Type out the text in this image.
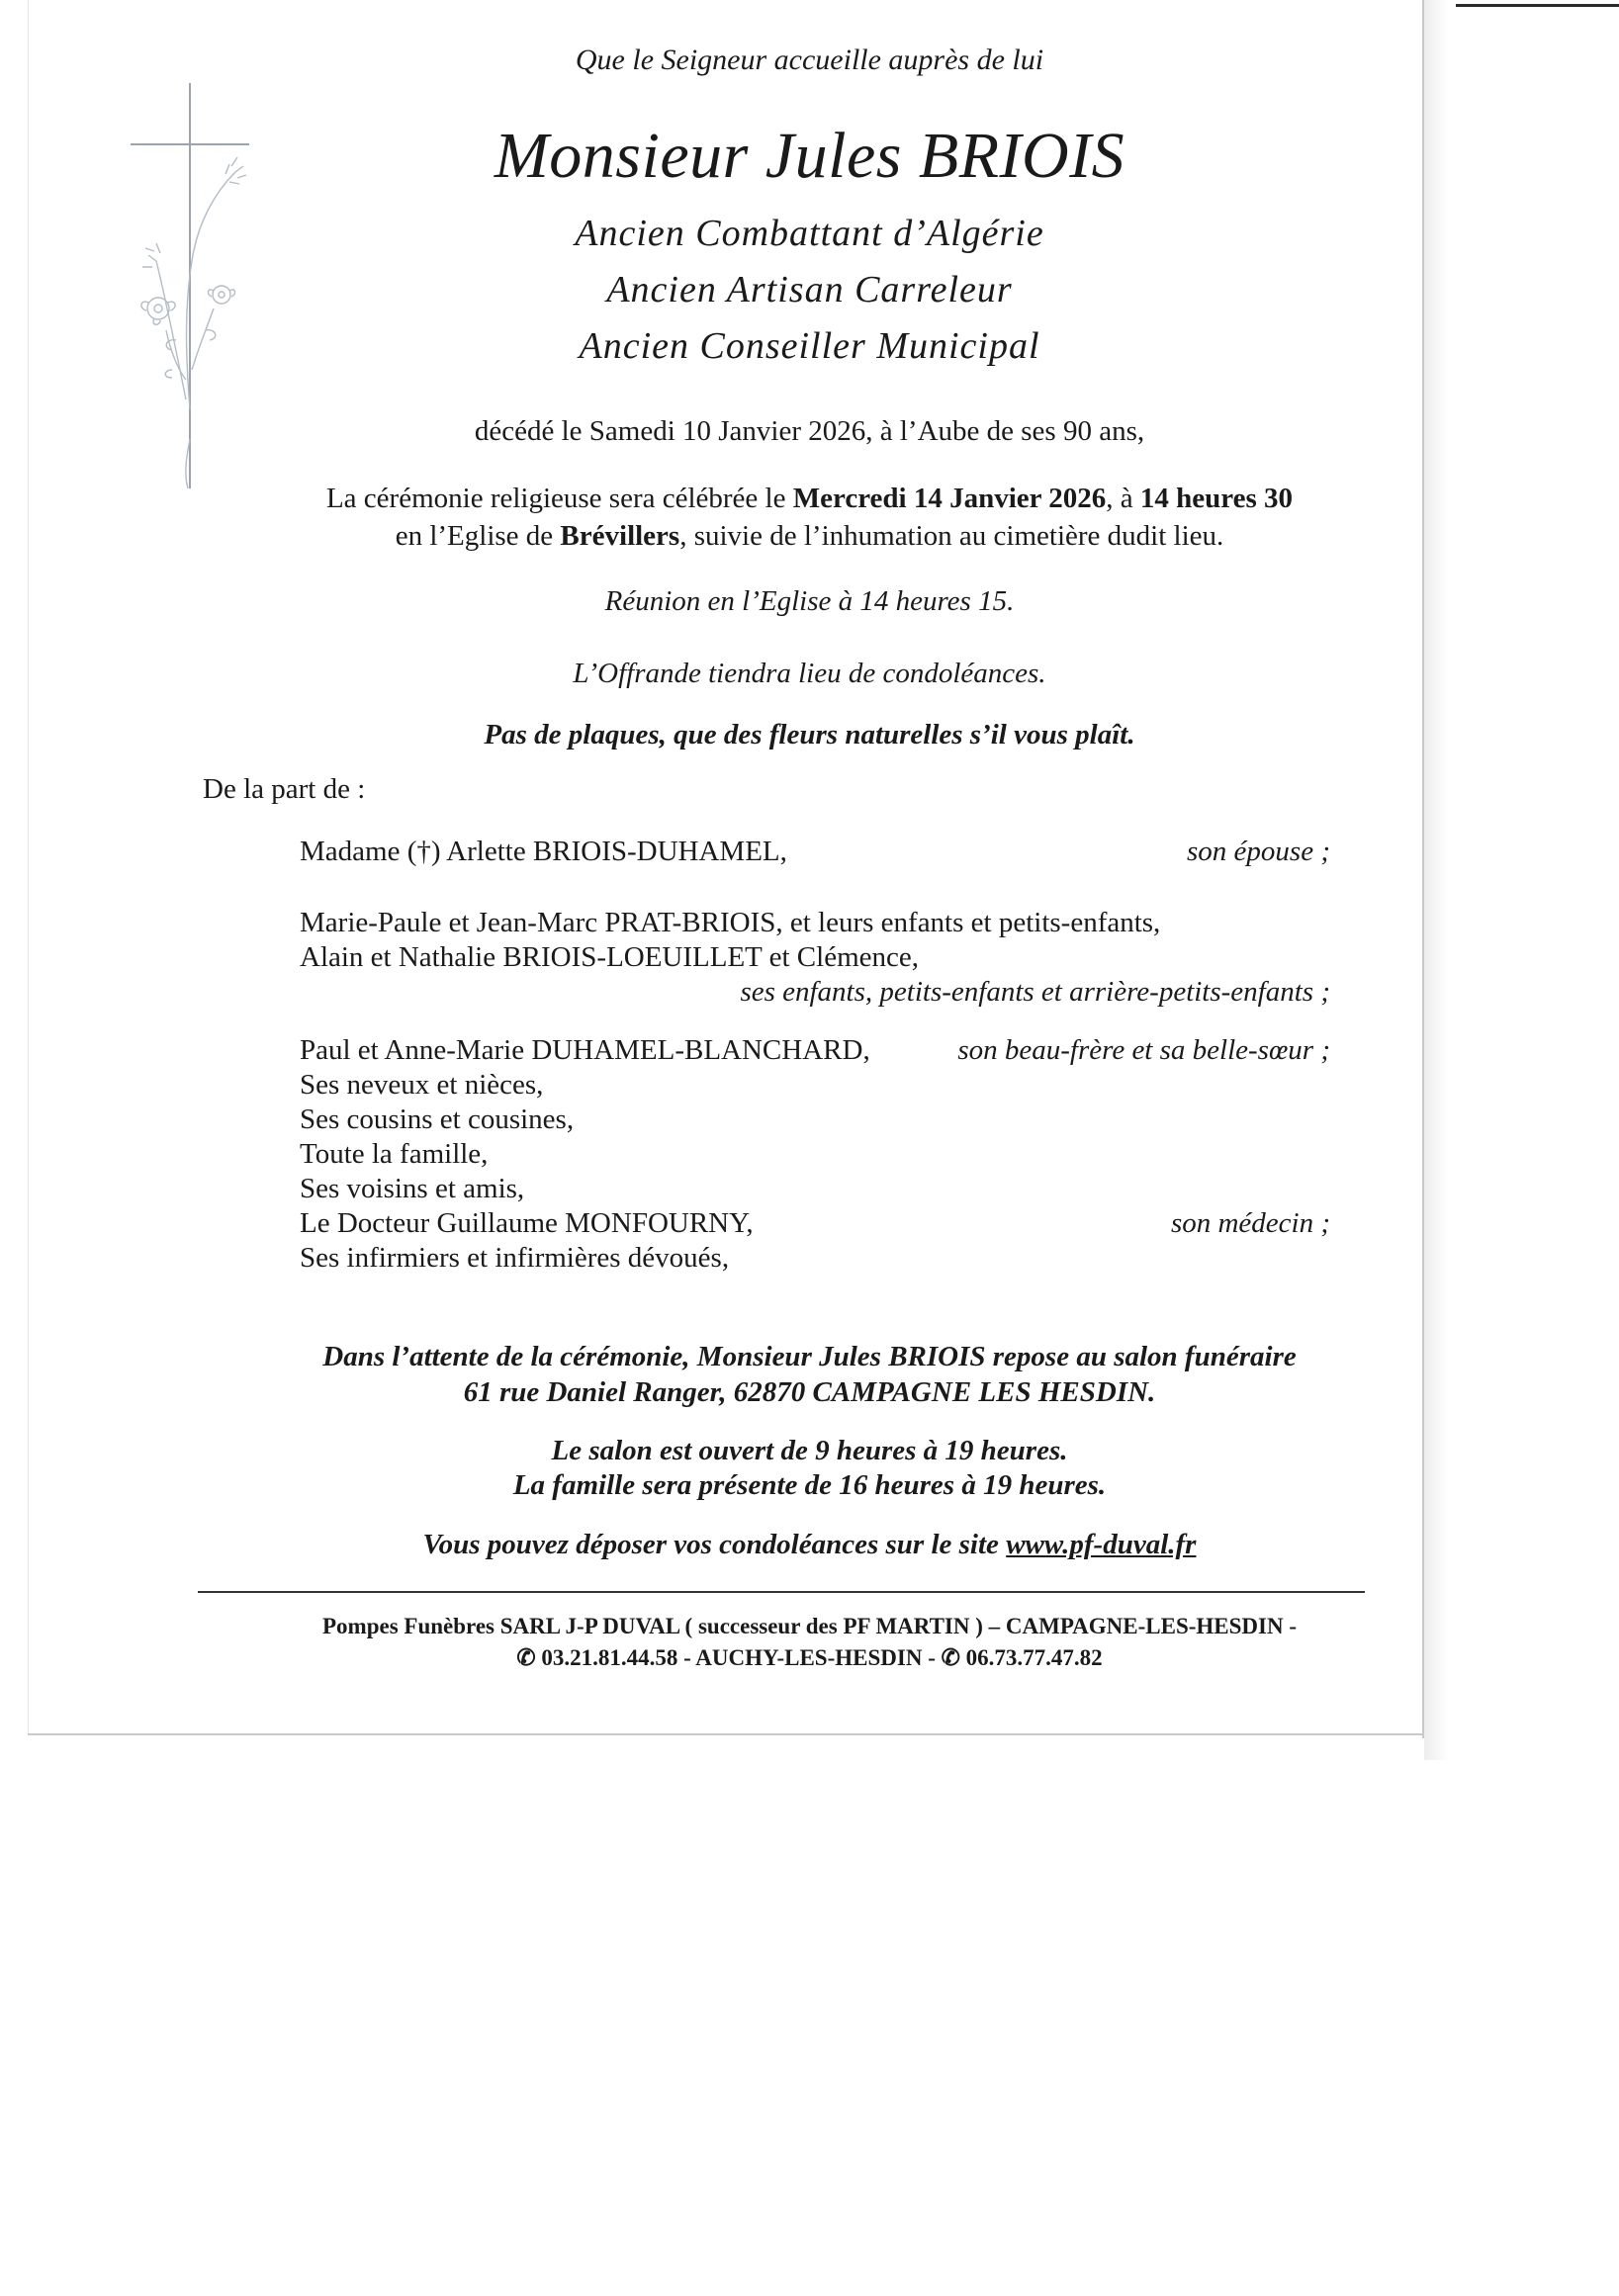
Que le Seigneur accueille auprès de lui
Monsieur Jules BRIOIS
Ancien Combattant d’Algérie
Ancien Artisan Carreleur
Ancien Conseiller Municipal
décédé le Samedi 10 Janvier 2026, à l’Aube de ses 90 ans,
La cérémonie religieuse sera célébrée le Mercredi 14 Janvier 2026, à 14 heures 30
en l’Eglise de Brévillers, suivie de l’inhumation au cimetière dudit lieu.
Réunion en l’Eglise à 14 heures 15.
L’Offrande tiendra lieu de condoléances.
Pas de plaques, que des fleurs naturelles s’il vous plaît.
De la part de :
Madame (†) Arlette BRIOIS-DUHAMEL,	son épouse ;
Marie-Paule et Jean-Marc PRAT-BRIOIS, et leurs enfants et petits-enfants,
Alain et Nathalie BRIOIS-LOEUILLET et Clémence,
ses enfants, petits-enfants et arrière-petits-enfants ;
Paul et Anne-Marie DUHAMEL-BLANCHARD,	son beau-frère et sa belle-sœur ;
Ses neveux et nièces,
Ses cousins et cousines,
Toute la famille,
Ses voisins et amis,
Le Docteur Guillaume MONFOURNY,	son médecin ;
Ses infirmiers et infirmières dévoués,
Dans l’attente de la cérémonie, Monsieur Jules BRIOIS repose au salon funéraire
61 rue Daniel Ranger, 62870 CAMPAGNE LES HESDIN.
Le salon est ouvert de 9 heures à 19 heures.
La famille sera présente de 16 heures à 19 heures.
Vous pouvez déposer vos condoléances sur le site www.pf-duval.fr
Pompes Funèbres SARL J-P DUVAL ( successeur des PF MARTIN ) – CAMPAGNE-LES-HESDIN -
✆ 03.21.81.44.58 - AUCHY-LES-HESDIN - ✆ 06.73.77.47.82
